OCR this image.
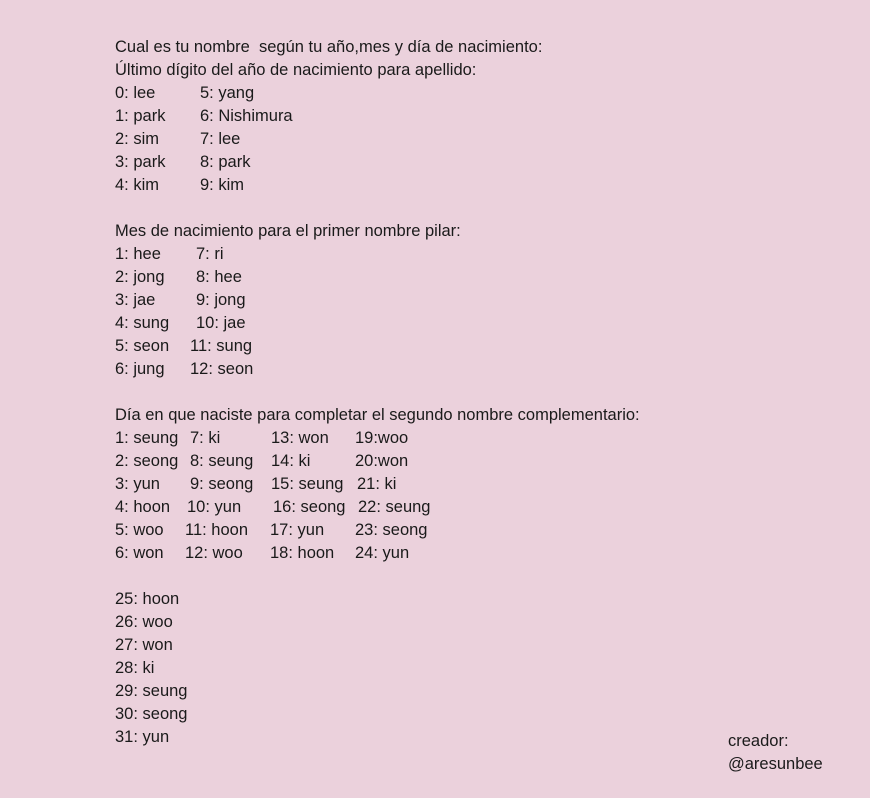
Cual es tu nombre  según tu año,mes y día de nacimiento:
Último dígito del año de nacimiento para apellido:
0: lee	5: yang
1: park 6: Nishimura
2: sim 7: lee
3: park 8: park
4: kim 9: kim
Mes de nacimiento para el primer nombre pilar:
1: hee 7: ri
2: jong 8: hee
3: jae 9: jong
4: sung 10: jae
5: seon 11: sung
6: jung 12: seon
Día en que naciste para completar el segundo nombre complementario:
1: seung 7: ki	13: won 19:woo
2: seong 8: seung 14: ki	20:won
3: yun 9: seong 15: seung 21: ki
4: hoon 10: yun 16: seong 22: seung
5: woo 11: hoon 17: yun 23: seong
6: won 12: woo 18: hoon 24: yun
25: hoon
26: woo
27: won
28: ki
29: seung
30: seong
31: yun	creador:
@aresunbee
